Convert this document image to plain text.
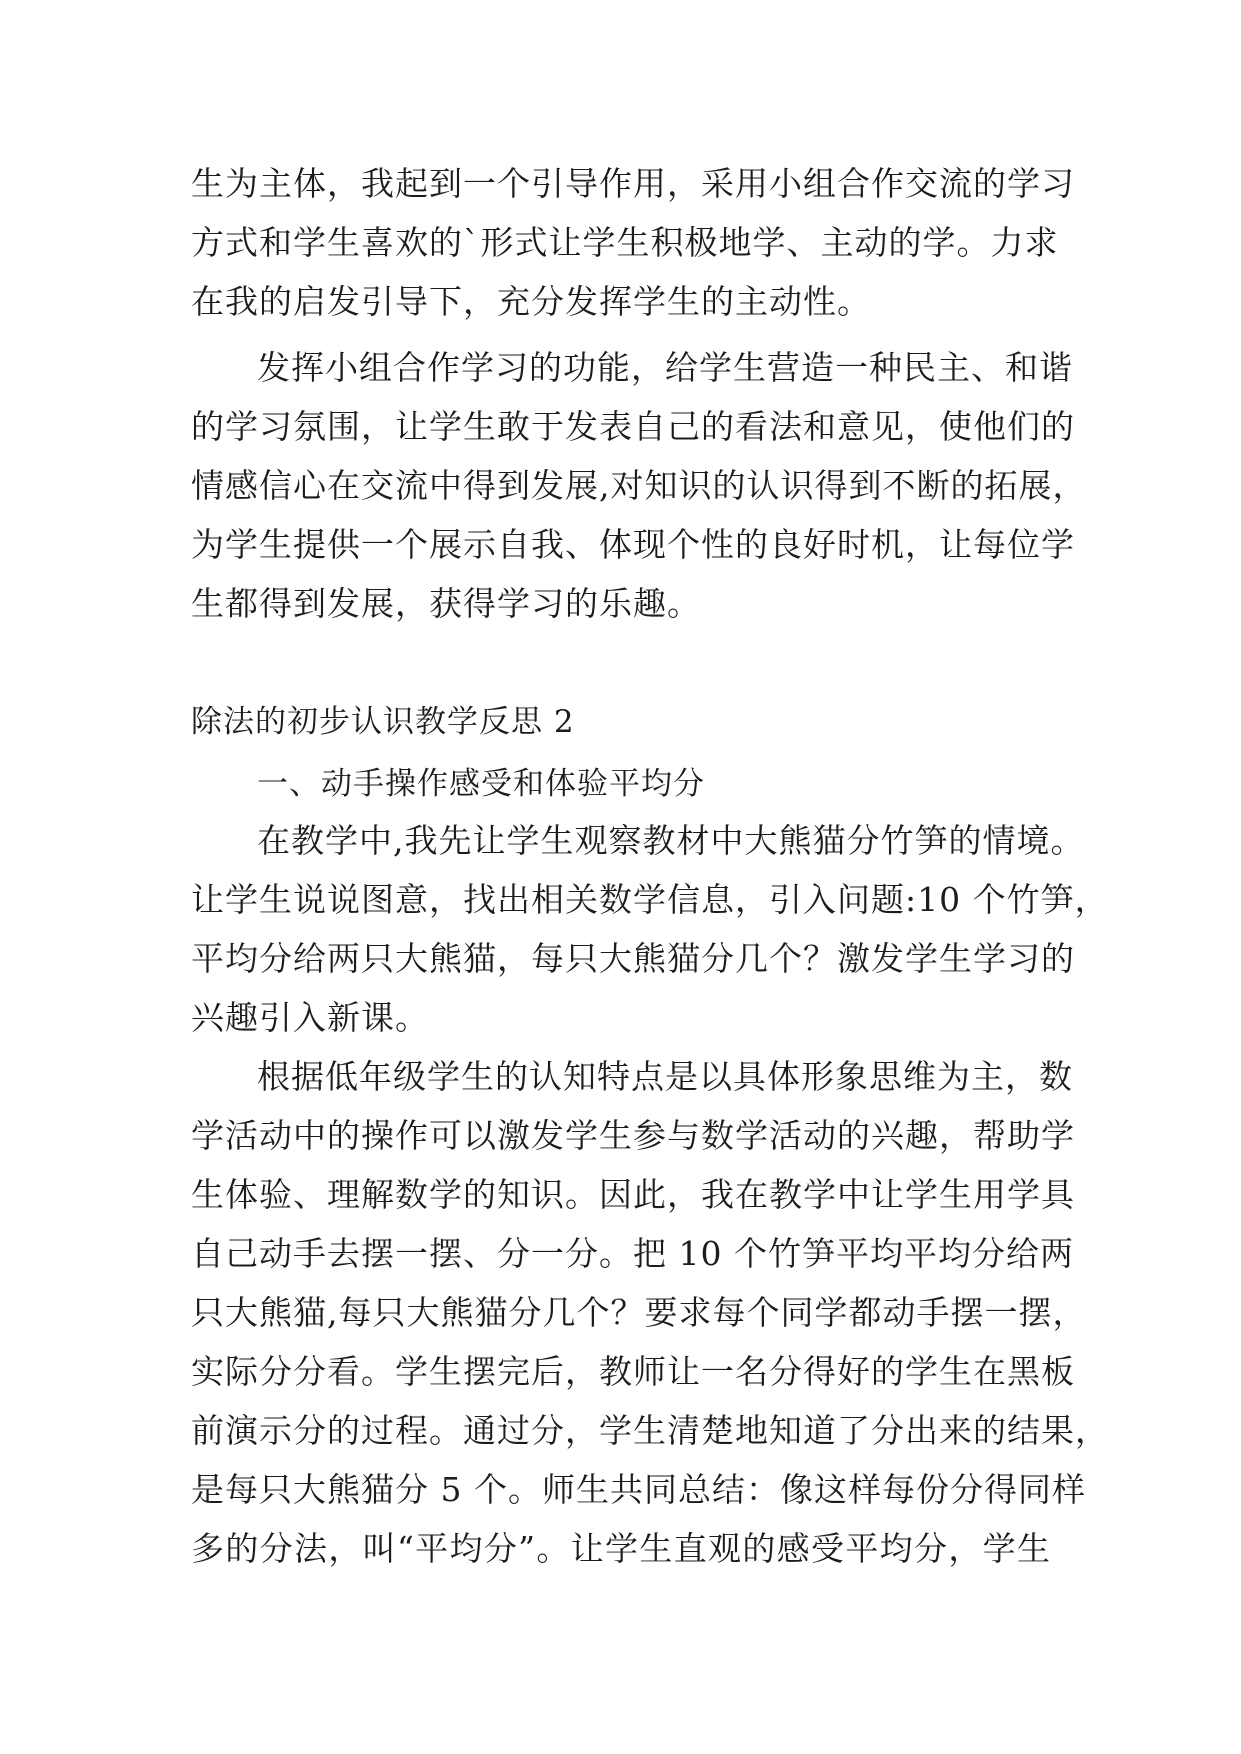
生为主体，我起到一个引导作用，采用小组合作交流的学习
方式和学生喜欢的`形式让学生积极地学、主动的学。力求
在我的启发引导下，充分发挥学生的主动性。
发挥小组合作学习的功能，给学生营造一种民主、和谐
的学习氛围，让学生敢于发表自己的看法和意见，使他们的
情感信心在交流中得到发展,对知识的认识得到不断的拓展，
为学生提供一个展示自我、体现个性的良好时机，让每位学
生都得到发展，获得学习的乐趣。
除法的初步认识教学反思 2
一、动手操作感受和体验平均分
在教学中,我先让学生观察教材中大熊猫分竹笋的情境。
让学生说说图意，找出相关数学信息，引入问题:10 个竹笋，
平均分给两只大熊猫，每只大熊猫分几个？激发学生学习的
兴趣引入新课。
根据低年级学生的认知特点是以具体形象思维为主，数
学活动中的操作可以激发学生参与数学活动的兴趣，帮助学
生体验、理解数学的知识。因此，我在教学中让学生用学具
自己动手去摆一摆、分一分。把 10 个竹笋平均平均分给两
只大熊猫,每只大熊猫分几个？要求每个同学都动手摆一摆，
实际分分看。学生摆完后，教师让一名分得好的学生在黑板
前演示分的过程。通过分，学生清楚地知道了分出来的结果，
是每只大熊猫分 5 个。师生共同总结：像这样每份分得同样
多的分法，叫“平均分”。让学生直观的感受平均分，学生
